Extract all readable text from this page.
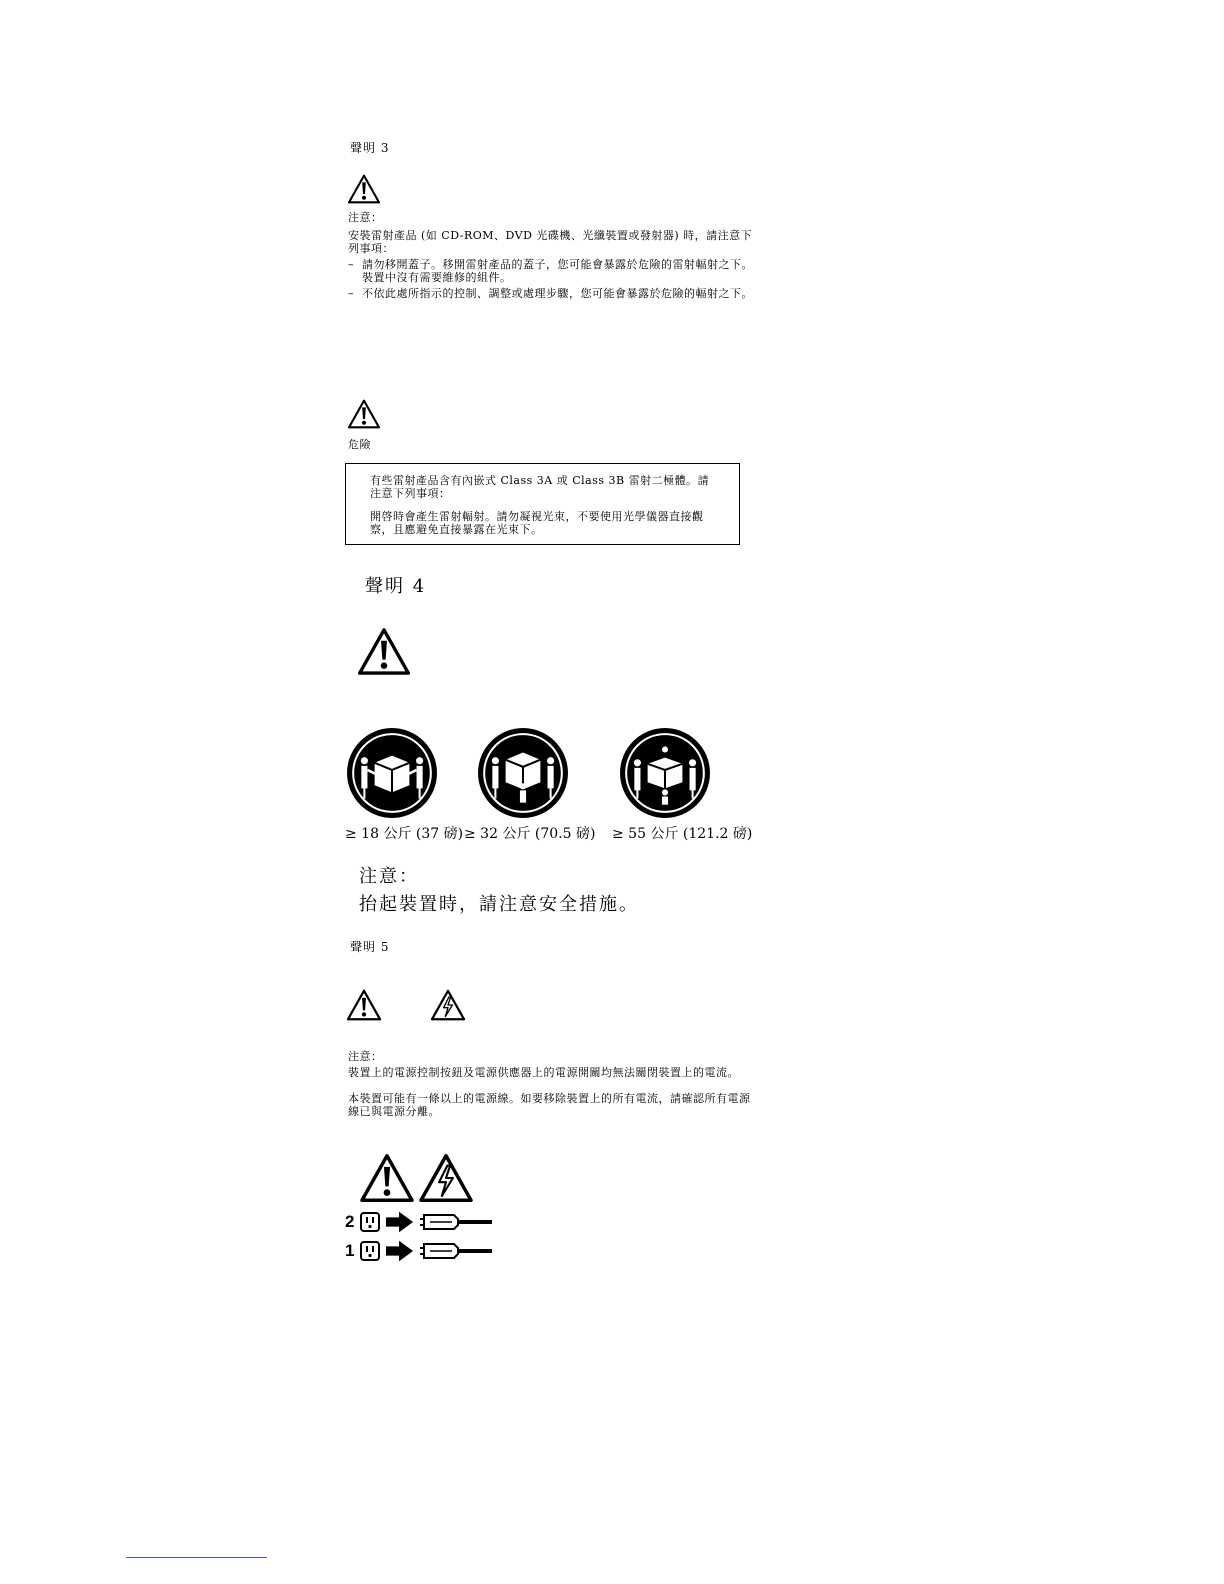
聲明 3
注意：
安裝雷射產品 (如 CD-ROM、DVD 光碟機、光纖裝置或發射器) 時，請注意下列事項：
– 請勿移開蓋子。移開雷射產品的蓋子，您可能會暴露於危險的雷射輻射之下。裝置中沒有需要維修的組件。
– 不依此處所指示的控制、調整或處理步驟，您可能會暴露於危險的輻射之下。
危險
有些雷射產品含有內嵌式 Class 3A 或 Class 3B 雷射二極體。請注意下列事項：
開啓時會產生雷射輻射。請勿凝視光束，不要使用光學儀器直接觀察，且應避免直接暴露在光束下。
聲明 4
≥ 18 公斤 (37 磅) ≥ 32 公斤 (70.5 磅) ≥ 55 公斤 (121.2 磅)
注意：
抬起裝置時，請注意安全措施。
聲明 5
注意：
裝置上的電源控制按鈕及電源供應器上的電源開關均無法關閉裝置上的電流。
本裝置可能有一條以上的電源線。如要移除裝置上的所有電流，請確認所有電源線已與電源分離。
2
1
